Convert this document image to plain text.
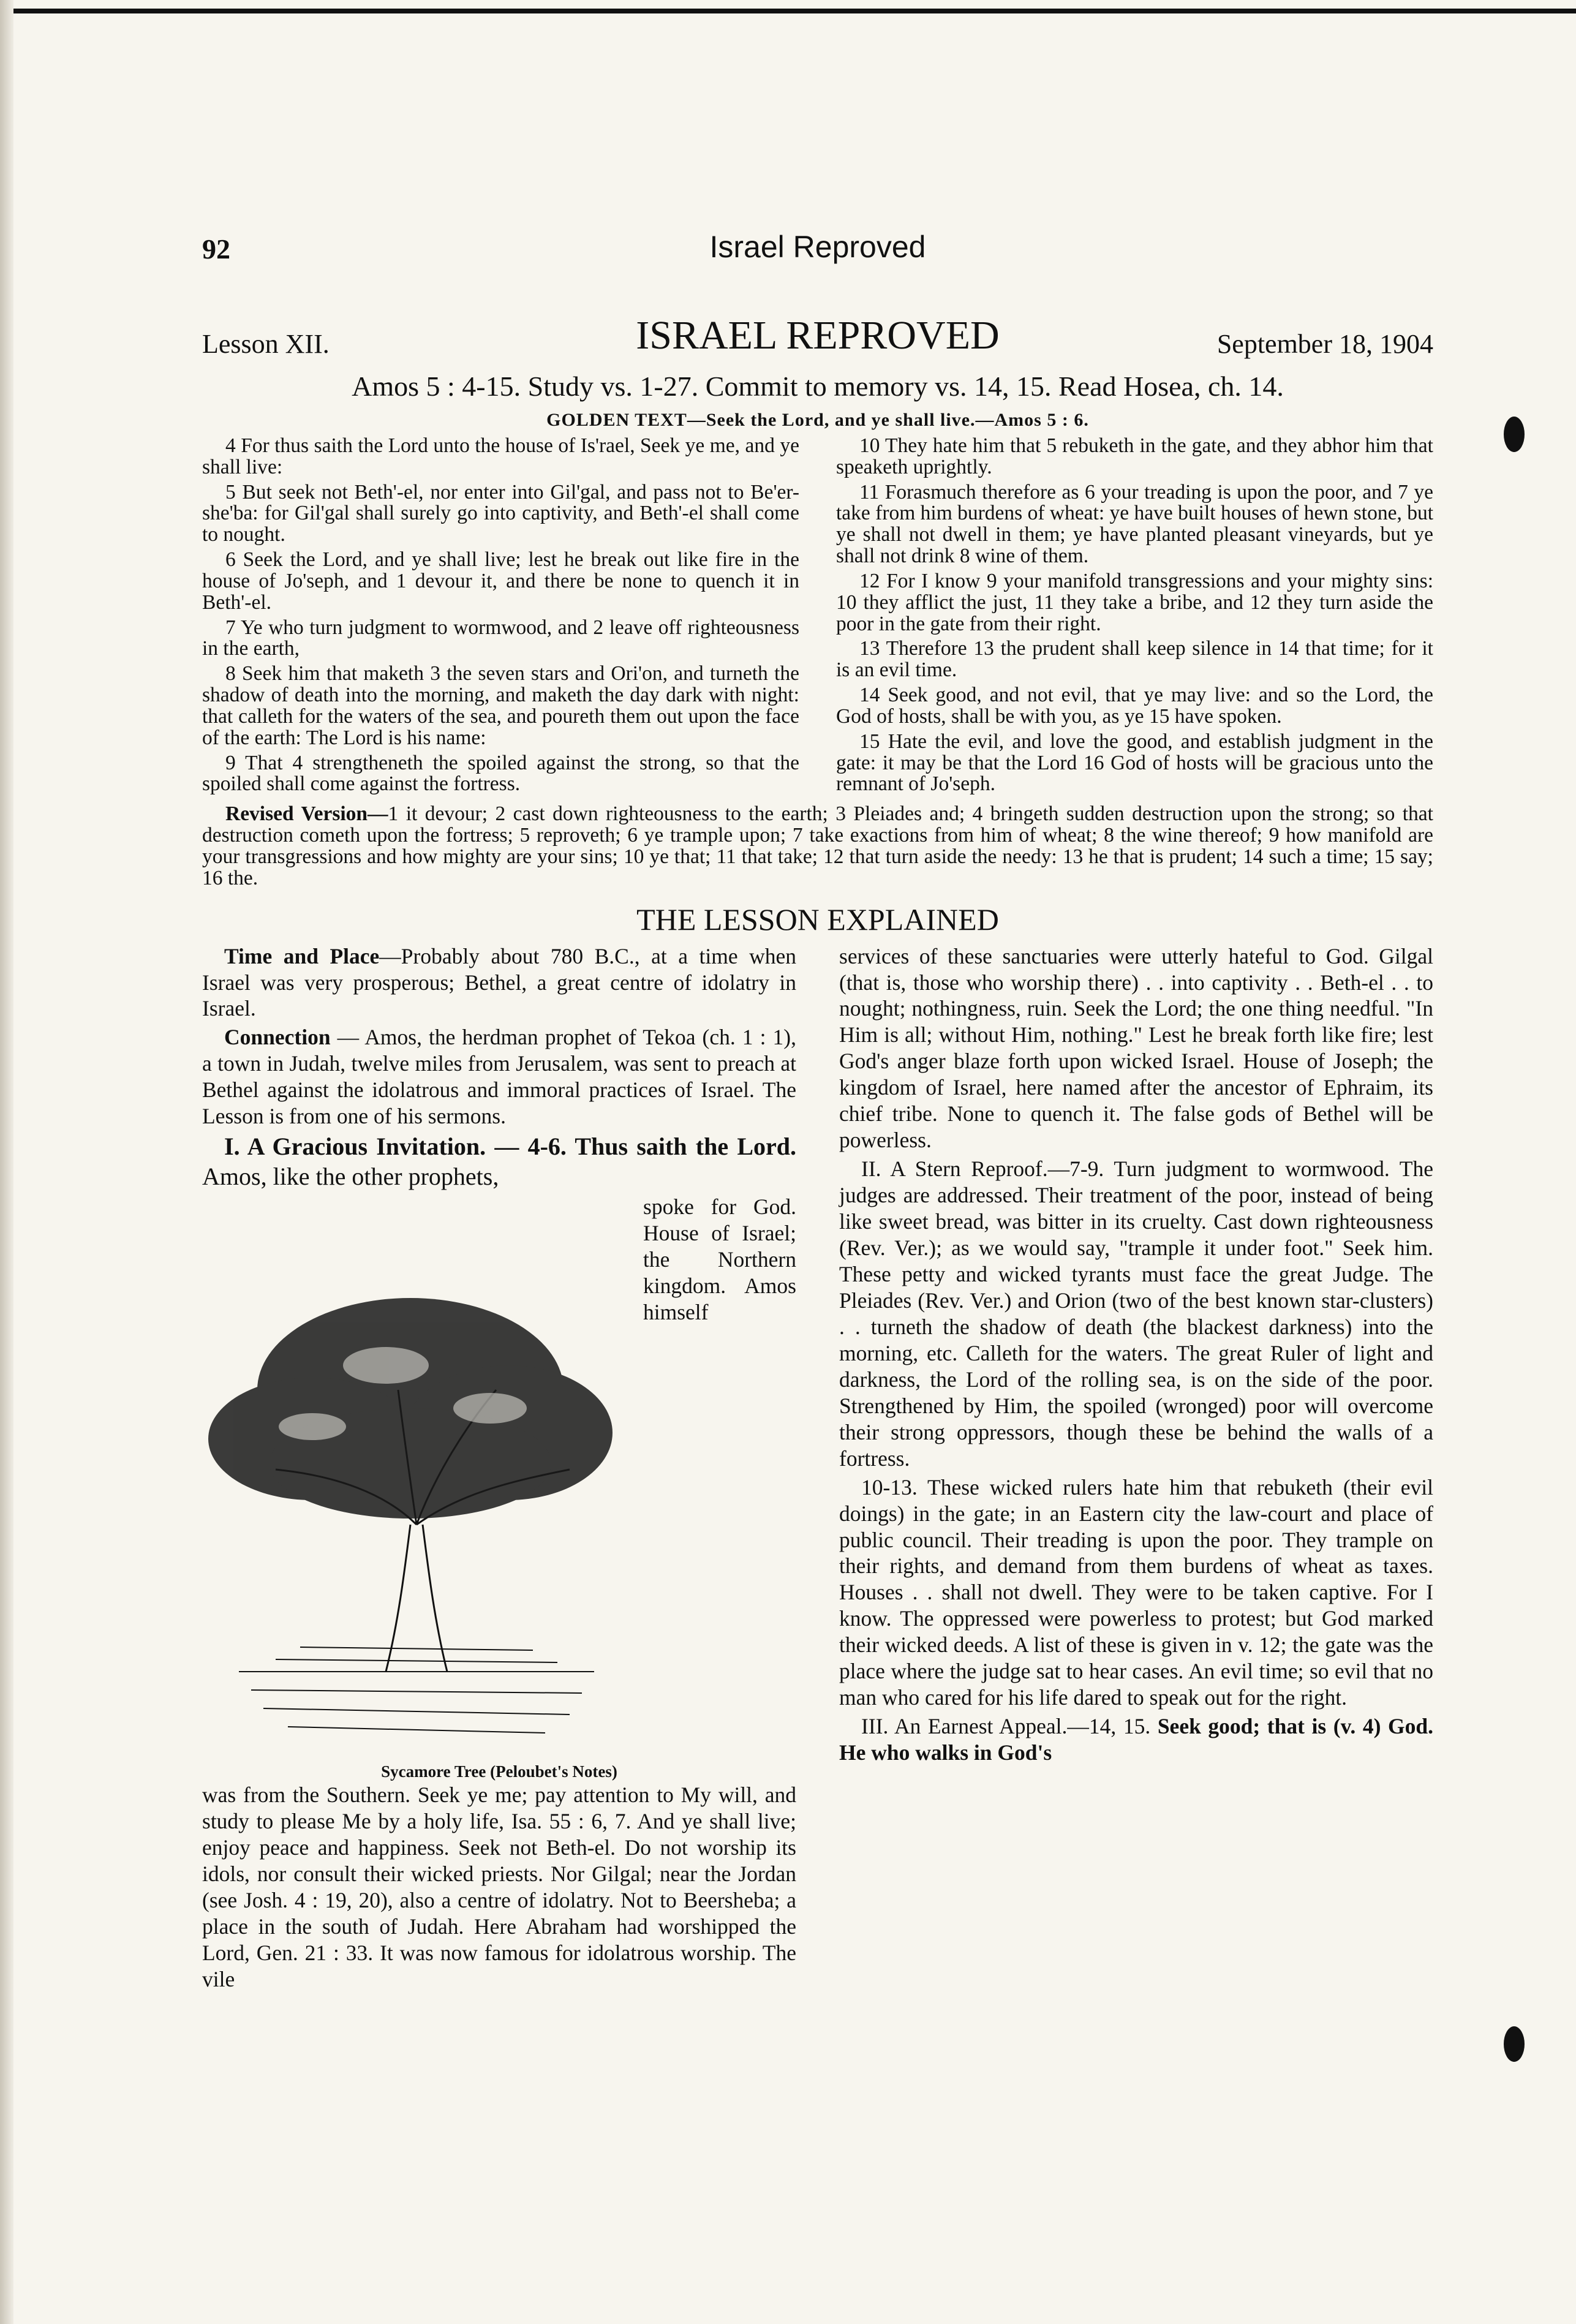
92	Israel Reproved
Lesson XII.	ISRAEL REPROVED	September 18, 1904
Amos 5 : 4-15. Study vs. 1-27. Commit to memory vs. 14, 15. Read Hosea, ch. 14.
GOLDEN TEXT—Seek the Lord, and ye shall live.—Amos 5 : 6.

4 For thus saith the Lord unto the house of Is'rael, Seek ye me, and ye shall live:

5 But seek not Beth'-el, nor enter into Gil'gal, and pass not to Be'er-she'ba: for Gil'gal shall surely go into captivity, and Beth'-el shall come to nought.

6 Seek the Lord, and ye shall live; lest he break out like fire in the house of Jo'seph, and 1 devour it, and there be none to quench it in Beth'-el.

7 Ye who turn judgment to wormwood, and 2 leave off righteousness in the earth,

8 Seek him that maketh 3 the seven stars and Ori'on, and turneth the shadow of death into the morning, and maketh the day dark with night: that calleth for the waters of the sea, and poureth them out upon the face of the earth: The Lord is his name:

9 That 4 strengtheneth the spoiled against the strong, so that the spoiled shall come against the fortress.

10 They hate him that 5 rebuketh in the gate, and they abhor him that speaketh uprightly.

11 Forasmuch therefore as 6 your treading is upon the poor, and 7 ye take from him burdens of wheat: ye have built houses of hewn stone, but ye shall not dwell in them; ye have planted pleasant vineyards, but ye shall not drink 8 wine of them.

12 For I know 9 your manifold transgressions and your mighty sins: 10 they afflict the just, 11 they take a bribe, and 12 they turn aside the poor in the gate from their right.

13 Therefore 13 the prudent shall keep silence in 14 that time; for it is an evil time.

14 Seek good, and not evil, that ye may live: and so the Lord, the God of hosts, shall be with you, as ye 15 have spoken.

15 Hate the evil, and love the good, and establish judgment in the gate: it may be that the Lord 16 God of hosts will be gracious unto the remnant of Jo'seph.

Revised Version—1 it devour; 2 cast down righteousness to the earth; 3 Pleiades and; 4 bringeth sudden destruction upon the strong; so that destruction cometh upon the fortress; 5 reproveth; 6 ye trample upon; 7 take exactions from him of wheat; 8 the wine thereof; 9 how manifold are your transgressions and how mighty are your sins; 10 ye that; 11 that take; 12 that turn aside the needy: 13 he that is prudent; 14 such a time; 15 say; 16 the.
THE LESSON EXPLAINED

Time and Place—Probably about 780 B.C., at a time when Israel was very prosperous; Bethel, a great centre of idolatry in Israel.

Connection — Amos, the herdman prophet of Tekoa (ch. 1 : 1), a town in Judah, twelve miles from Jerusalem, was sent to preach at Bethel against the idolatrous and immoral practices of Israel. The Lesson is from one of his sermons.

I. A Gracious Invitation. — 4-6. Thus saith the Lord. Amos, like the other prophets,

spoke for God. House of Israel; the Northern kingdom. Amos himself
Sycamore Tree (Peloubet's Notes)

was from the Southern. Seek ye me; pay attention to My will, and study to please Me by a holy life, Isa. 55 : 6, 7. And ye shall live; enjoy peace and happiness. Seek not Beth-el. Do not worship its idols, nor consult their wicked priests. Nor Gilgal; near the Jordan (see Josh. 4 : 19, 20), also a centre of idolatry. Not to Beersheba; a place in the south of Judah. Here Abraham had worshipped the Lord, Gen. 21 : 33. It was now famous for idolatrous worship. The vile

services of these sanctuaries were utterly hateful to God. Gilgal (that is, those who worship there) . . into captivity . . Beth-el . . to nought; nothingness, ruin. Seek the Lord; the one thing needful. "In Him is all; without Him, nothing." Lest he break forth like fire; lest God's anger blaze forth upon wicked Israel. House of Joseph; the kingdom of Israel, here named after the ancestor of Ephraim, its chief tribe. None to quench it. The false gods of Bethel will be powerless.

II. A Stern Reproof.—7-9. Turn judgment to wormwood. The judges are addressed. Their treatment of the poor, instead of being like sweet bread, was bitter in its cruelty. Cast down righteousness (Rev. Ver.); as we would say, "trample it under foot." Seek him. These petty and wicked tyrants must face the great Judge. The Pleiades (Rev. Ver.) and Orion (two of the best known star-clusters) . . turneth the shadow of death (the blackest darkness) into the morning, etc. Calleth for the waters. The great Ruler of light and darkness, the Lord of the rolling sea, is on the side of the poor. Strengthened by Him, the spoiled (wronged) poor will overcome their strong oppressors, though these be behind the walls of a fortress.

10-13. These wicked rulers hate him that rebuketh (their evil doings) in the gate; in an Eastern city the law-court and place of public council. Their treading is upon the poor. They trample on their rights, and demand from them burdens of wheat as taxes. Houses . . shall not dwell. They were to be taken captive. For I know. The oppressed were powerless to protest; but God marked their wicked deeds. A list of these is given in v. 12; the gate was the place where the judge sat to hear cases. An evil time; so evil that no man who cared for his life dared to speak out for the right.

III. An Earnest Appeal.—14, 15. Seek good; that is (v. 4) God. He who walks in God's
